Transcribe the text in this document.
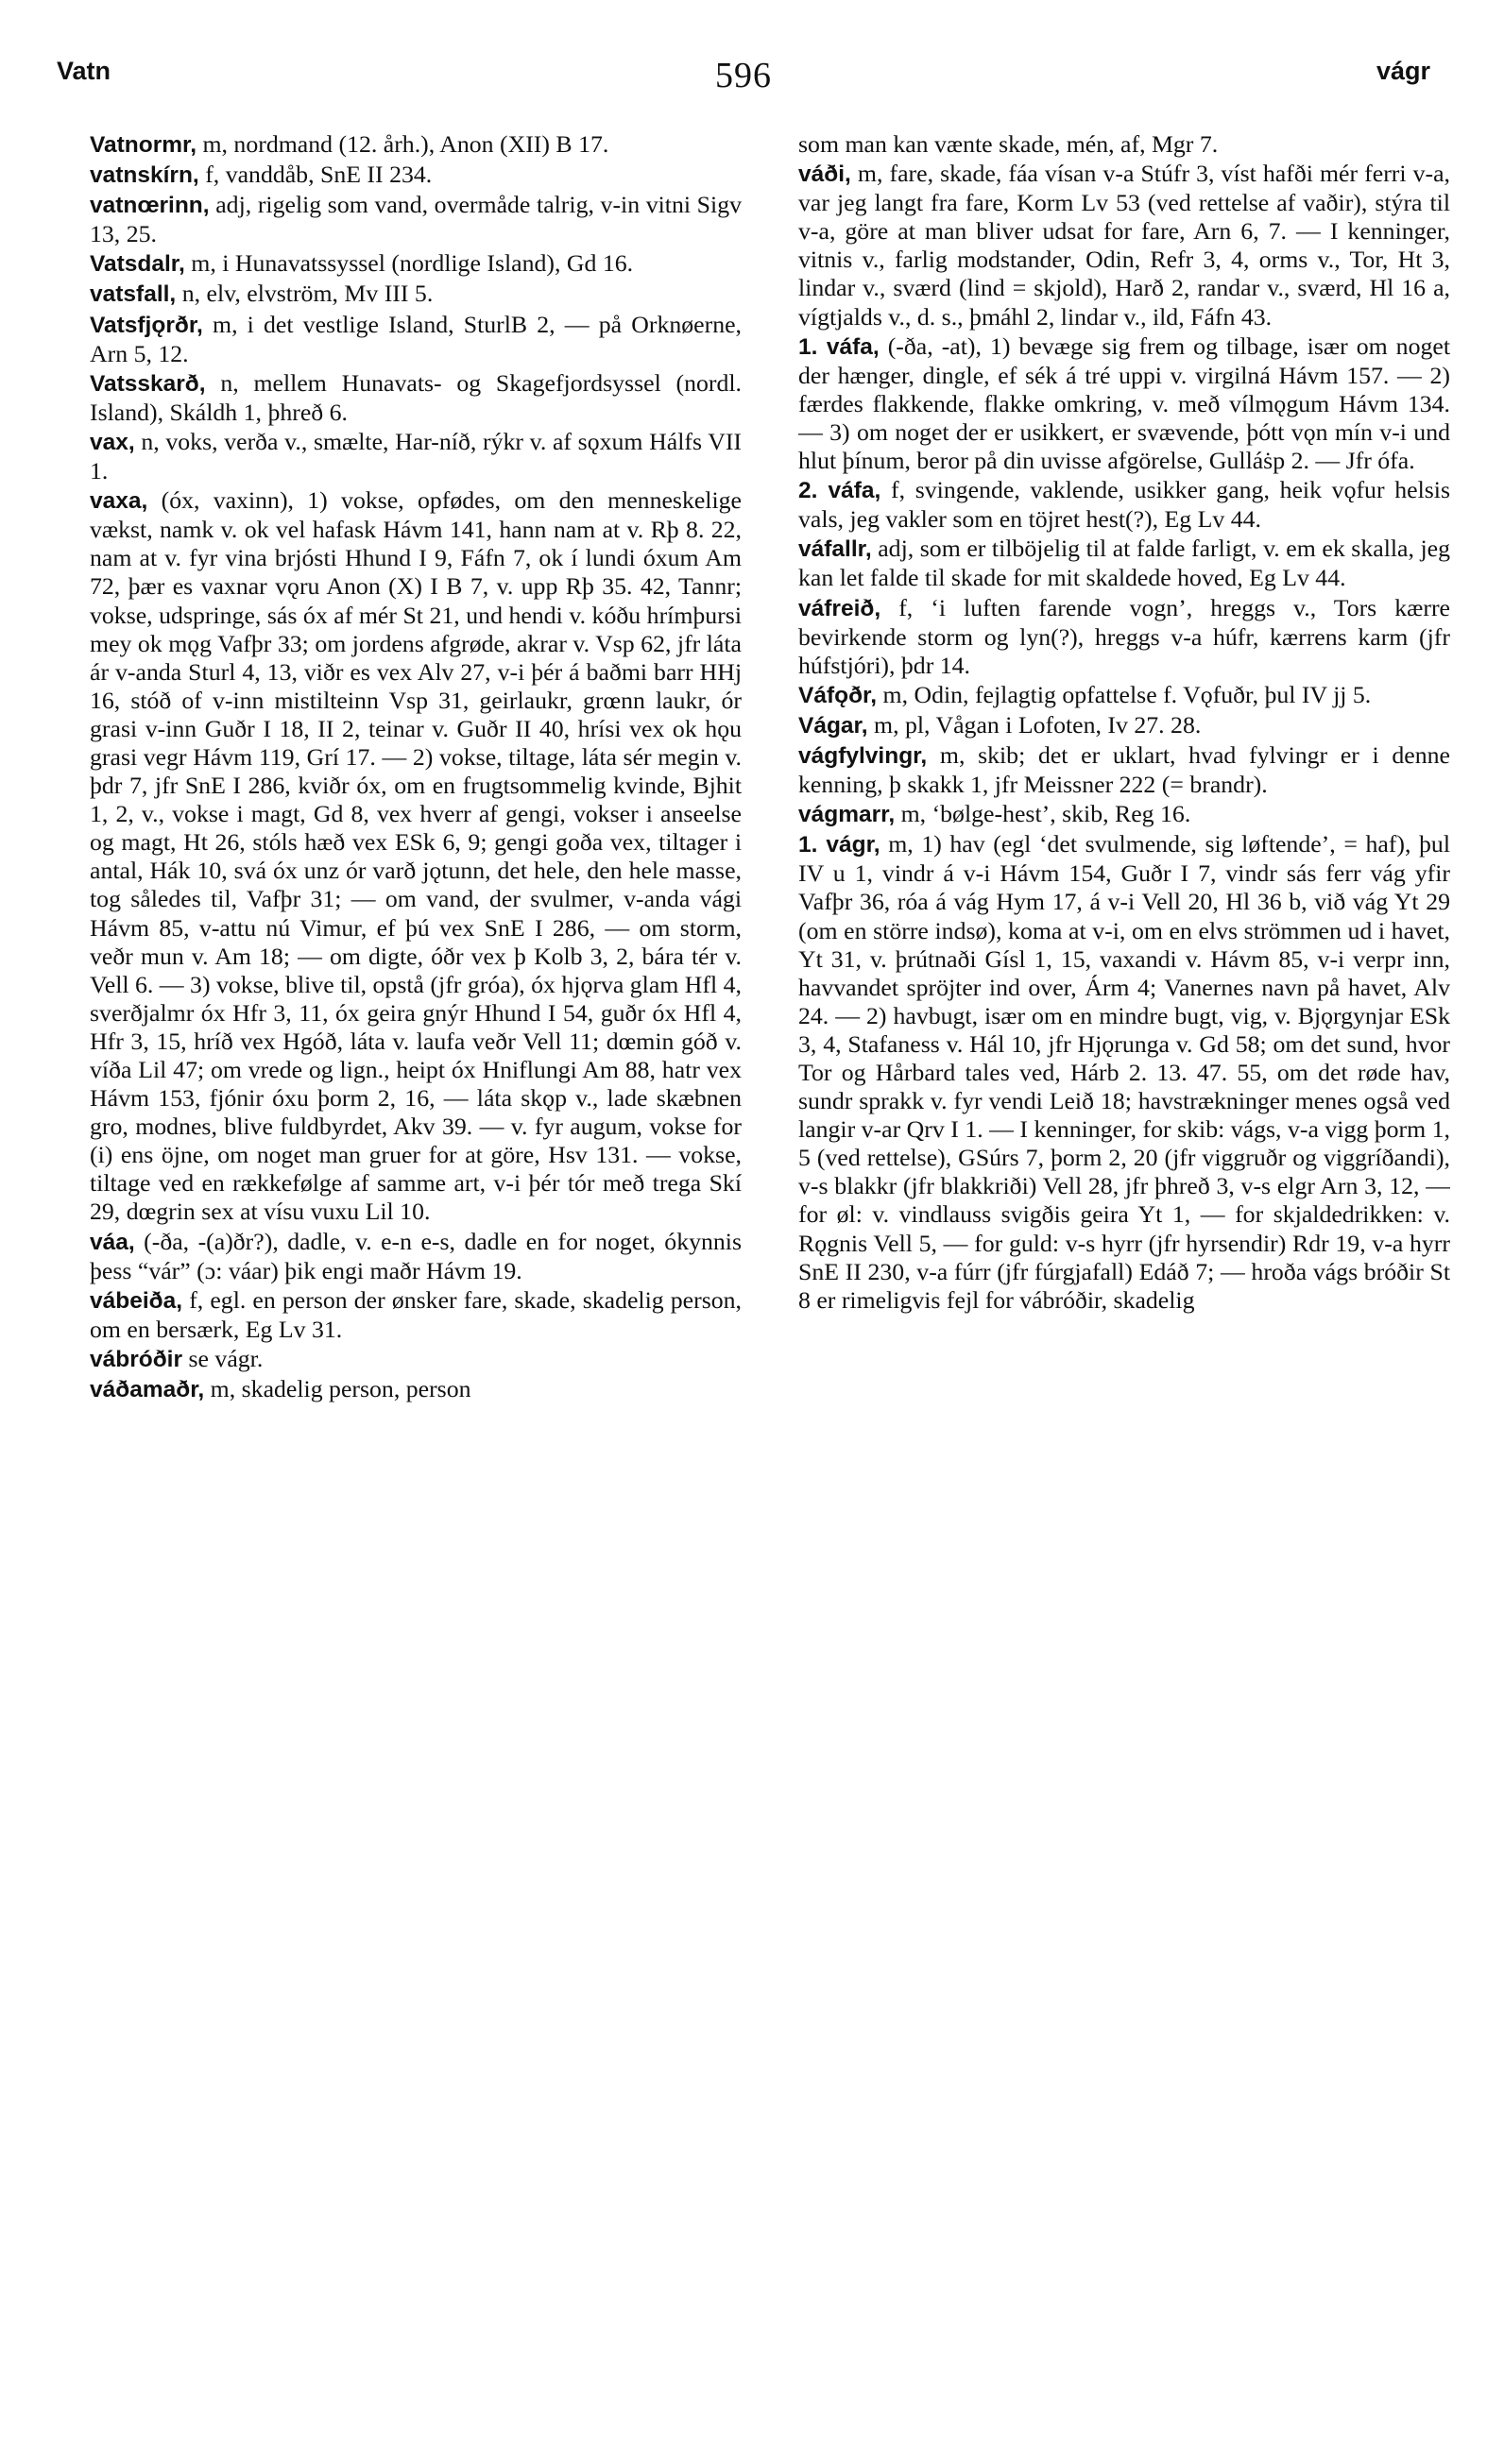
Vatn	596	vágr

Vatnormr, m, nordmand (12. årh.), Anon (XII) B 17.

vatnskírn, f, vanddåb, SnE II 234.

vatnœrinn, adj, rigelig som vand, overmåde talrig, v-in vitni Sigv 13, 25.

Vatsdalr, m, i Hunavatssyssel (nordlige Island), Gd 16.

vatsfall, n, elv, elvström, Mv III 5.

Vatsfjǫrðr, m, i det vestlige Island, SturlB 2, — på Orknøerne, Arn 5, 12.

Vatsskarð, n, mellem Hunavats- og Skagefjordsyssel (nordl. Island), Skáldh 1, þhreð 6.

vax, n, voks, verða v., smælte, Har-níð, rýkr v. af sǫxum Hálfs VII 1.

vaxa, (óx, vaxinn), 1) vokse, opfødes, om den menneskelige vækst, namk v. ok vel hafask Hávm 141, hann nam at v. Rþ 8. 22, nam at v. fyr vina brjósti Hhund I 9, Fáfn 7, ok í lundi óxum Am 72, þær es vaxnar vǫru Anon (X) I B 7, v. upp Rþ 35. 42, Tannr; vokse, udspringe, sás óx af mér St 21, und hendi v. kóðu hrímþursi mey ok mǫg Vafþr 33; om jordens afgrøde, akrar v. Vsp 62, jfr láta ár v-anda Sturl 4, 13, viðr es vex Alv 27, v-i þér á baðmi barr HHj 16, stóð of v-inn mistilteinn Vsp 31, geirlaukr, grœnn laukr, ór grasi v-inn Guðr I 18, II 2, teinar v. Guðr II 40, hrísi vex ok hǫu grasi vegr Hávm 119, Grí 17. — 2) vokse, tiltage, láta sér megin v. þdr 7, jfr SnE I 286, kviðr óx, om en frugtsommelig kvinde, Bjhit 1, 2, v., vokse i magt, Gd 8, vex hverr af gengi, vokser i anseelse og magt, Ht 26, stóls hæð vex ESk 6, 9; gengi goða vex, tiltager i antal, Hák 10, svá óx unz ór varð jǫtunn, det hele, den hele masse, tog således til, Vafþr 31; — om vand, der svulmer, v-anda vági Hávm 85, v-attu nú Vimur, ef þú vex SnE I 286, — om storm, veðr mun v. Am 18; — om digte, óðr vex þ Kolb 3, 2, bára tér v. Vell 6. — 3) vokse, blive til, opstå (jfr gróa), óx hjǫrva glam Hfl 4, sverðjalmr óx Hfr 3, 11, óx geira gnýr Hhund I 54, guðr óx Hfl 4, Hfr 3, 15, hríð vex Hgóð, láta v. laufa veðr Vell 11; dœmin góð v. víða Lil 47; om vrede og lign., heipt óx Hniflungi Am 88, hatr vex Hávm 153, fjónir óxu þorm 2, 16, — láta skǫp v., lade skæbnen gro, modnes, blive fuldbyrdet, Akv 39. — v. fyr augum, vokse for (i) ens öjne, om noget man gruer for at göre, Hsv 131. — vokse, tiltage ved en rækkefølge af samme art, v-i þér tór með trega Skí 29, dœgrin sex at vísu vuxu Lil 10.

váa, (-ða, -(a)ðr?), dadle, v. e-n e-s, dadle en for noget, ókynnis þess “vár” (ɔ: váar) þik engi maðr Hávm 19.

vábeiða, f, egl. en person der ønsker fare, skade, skadelig person, om en bersærk, Eg Lv 31.

vábróðir se vágr.

váðamaðr, m, skadelig person, person

som man kan vænte skade, mén, af, Mgr 7.

váði, m, fare, skade, fáa vísan v-a Stúfr 3, víst hafði mér ferri v-a, var jeg langt fra fare, Korm Lv 53 (ved rettelse af vaðir), stýra til v-a, göre at man bliver udsat for fare, Arn 6, 7. — I kenninger, vitnis v., farlig modstander, Odin, Refr 3, 4, orms v., Tor, Ht 3, lindar v., sværd (lind = skjold), Harð 2, randar v., sværd, Hl 16 a, vígtjalds v., d. s., þmáhl 2, lindar v., ild, Fáfn 43.

1. váfa, (-ða, -at), 1) bevæge sig frem og tilbage, især om noget der hænger, dingle, ef sék á tré uppi v. virgilná Hávm 157. — 2) færdes flakkende, flakke omkring, v. með vílmǫgum Hávm 134. — 3) om noget der er usikkert, er svævende, þótt vǫn mín v-i und hlut þínum, beror på din uvisse afgörelse, Gulláṡp 2. — Jfr ófa.

2. váfa, f, svingende, vaklende, usikker gang, heik vǫfur helsis vals, jeg vakler som en töjret hest(?), Eg Lv 44.

váfallr, adj, som er tilböjelig til at falde farligt, v. em ek skalla, jeg kan let falde til skade for mit skaldede hoved, Eg Lv 44.

váfreið, f, ‘i luften farende vogn’, hreggs v., Tors kærre bevirkende storm og lyn(?), hreggs v-a húfr, kærrens karm (jfr húfstjóri), þdr 14.

Váfǫðr, m, Odin, fejlagtig opfattelse f. Vǫfuðr, þul IV jj 5.

Vágar, m, pl, Vågan i Lofoten, Iv 27. 28.

vágfylvingr, m, skib; det er uklart, hvad fylvingr er i denne kenning, þ skakk 1, jfr Meissner 222 (= brandr).

vágmarr, m, ‘bølge-hest’, skib, Reg 16.

1. vágr, m, 1) hav (egl ‘det svulmende, sig løftende’, = haf), þul IV u 1, vindr á v-i Hávm 154, Guðr I 7, vindr sás ferr vág yfir Vafþr 36, róa á vág Hym 17, á v-i Vell 20, Hl 36 b, við vág Yt 29 (om en större indsø), koma at v-i, om en elvs strömmen ud i havet, Yt 31, v. þrútnaði Gísl 1, 15, vaxandi v. Hávm 85, v-i verpr inn, havvandet sprӧjter ind over, Árm 4; Vanernes navn på havet, Alv 24. — 2) havbugt, især om en mindre bugt, vig, v. Bjǫrgynjar ESk 3, 4, Stafaness v. Hál 10, jfr Hjǫrunga v. Gd 58; om det sund, hvor Tor og Hårbard tales ved, Hárb 2. 13. 47. 55, om det røde hav, sundr sprakk v. fyr vendi Leið 18; havstrækninger menes også ved langir v-ar Qrv I 1. — I kenninger, for skib: vágs, v-a vigg þorm 1, 5 (ved rettelse), GSúrs 7, þorm 2, 20 (jfr viggruðr og viggríðandi), v-s blakkr (jfr blakkriði) Vell 28, jfr þhreð 3, v-s elgr Arn 3, 12, — for øl: v. vindlauss svigðis geira Yt 1, — for skjaldedrikken: v. Rǫgnis Vell 5, — for guld: v-s hyrr (jfr hyrsendir) Rdr 19, v-a hyrr SnE II 230, v-a fúrr (jfr fúrgjafall) Edáð 7; — hroða vágs bróðir St 8 er rimeligvis fejl for vábróðir, skadelig
